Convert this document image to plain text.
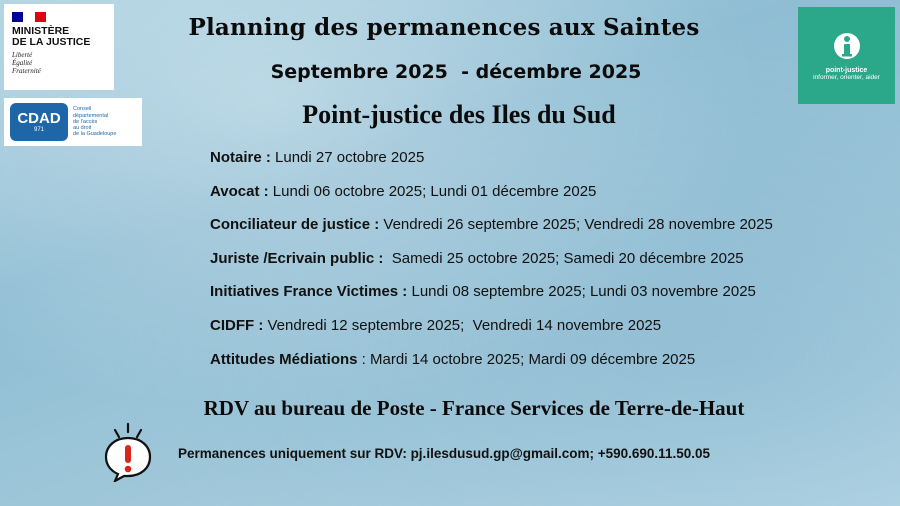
MINISTÈRE
DE LA JUSTICE
Liberté
Égalité
Fraternité
CDAD
971
Conseil
départemental
de l'accès
au droit
de la Guadeloupe
point-justice
informer, orienter, aider
Planning des permanences aux Saintes
Septembre 2025  - décembre 2025
Point-justice des Iles du Sud
Notaire : Lundi 27 octobre 2025
Avocat : Lundi 06 octobre 2025; Lundi 01 décembre 2025
Conciliateur de justice : Vendredi 26 septembre 2025; Vendredi 28 novembre 2025
Juriste /Ecrivain public :  Samedi 25 octobre 2025; Samedi 20 décembre 2025
Initiatives France Victimes : Lundi 08 septembre 2025; Lundi 03 novembre 2025
CIDFF : Vendredi 12 septembre 2025;  Vendredi 14 novembre 2025
Attitudes Médiations : Mardi 14 octobre 2025; Mardi 09 décembre 2025
RDV au bureau de Poste - France Services de Terre-de-Haut
Permanences uniquement sur RDV: pj.ilesdusud.gp@gmail.com; +590.690.11.50.05
